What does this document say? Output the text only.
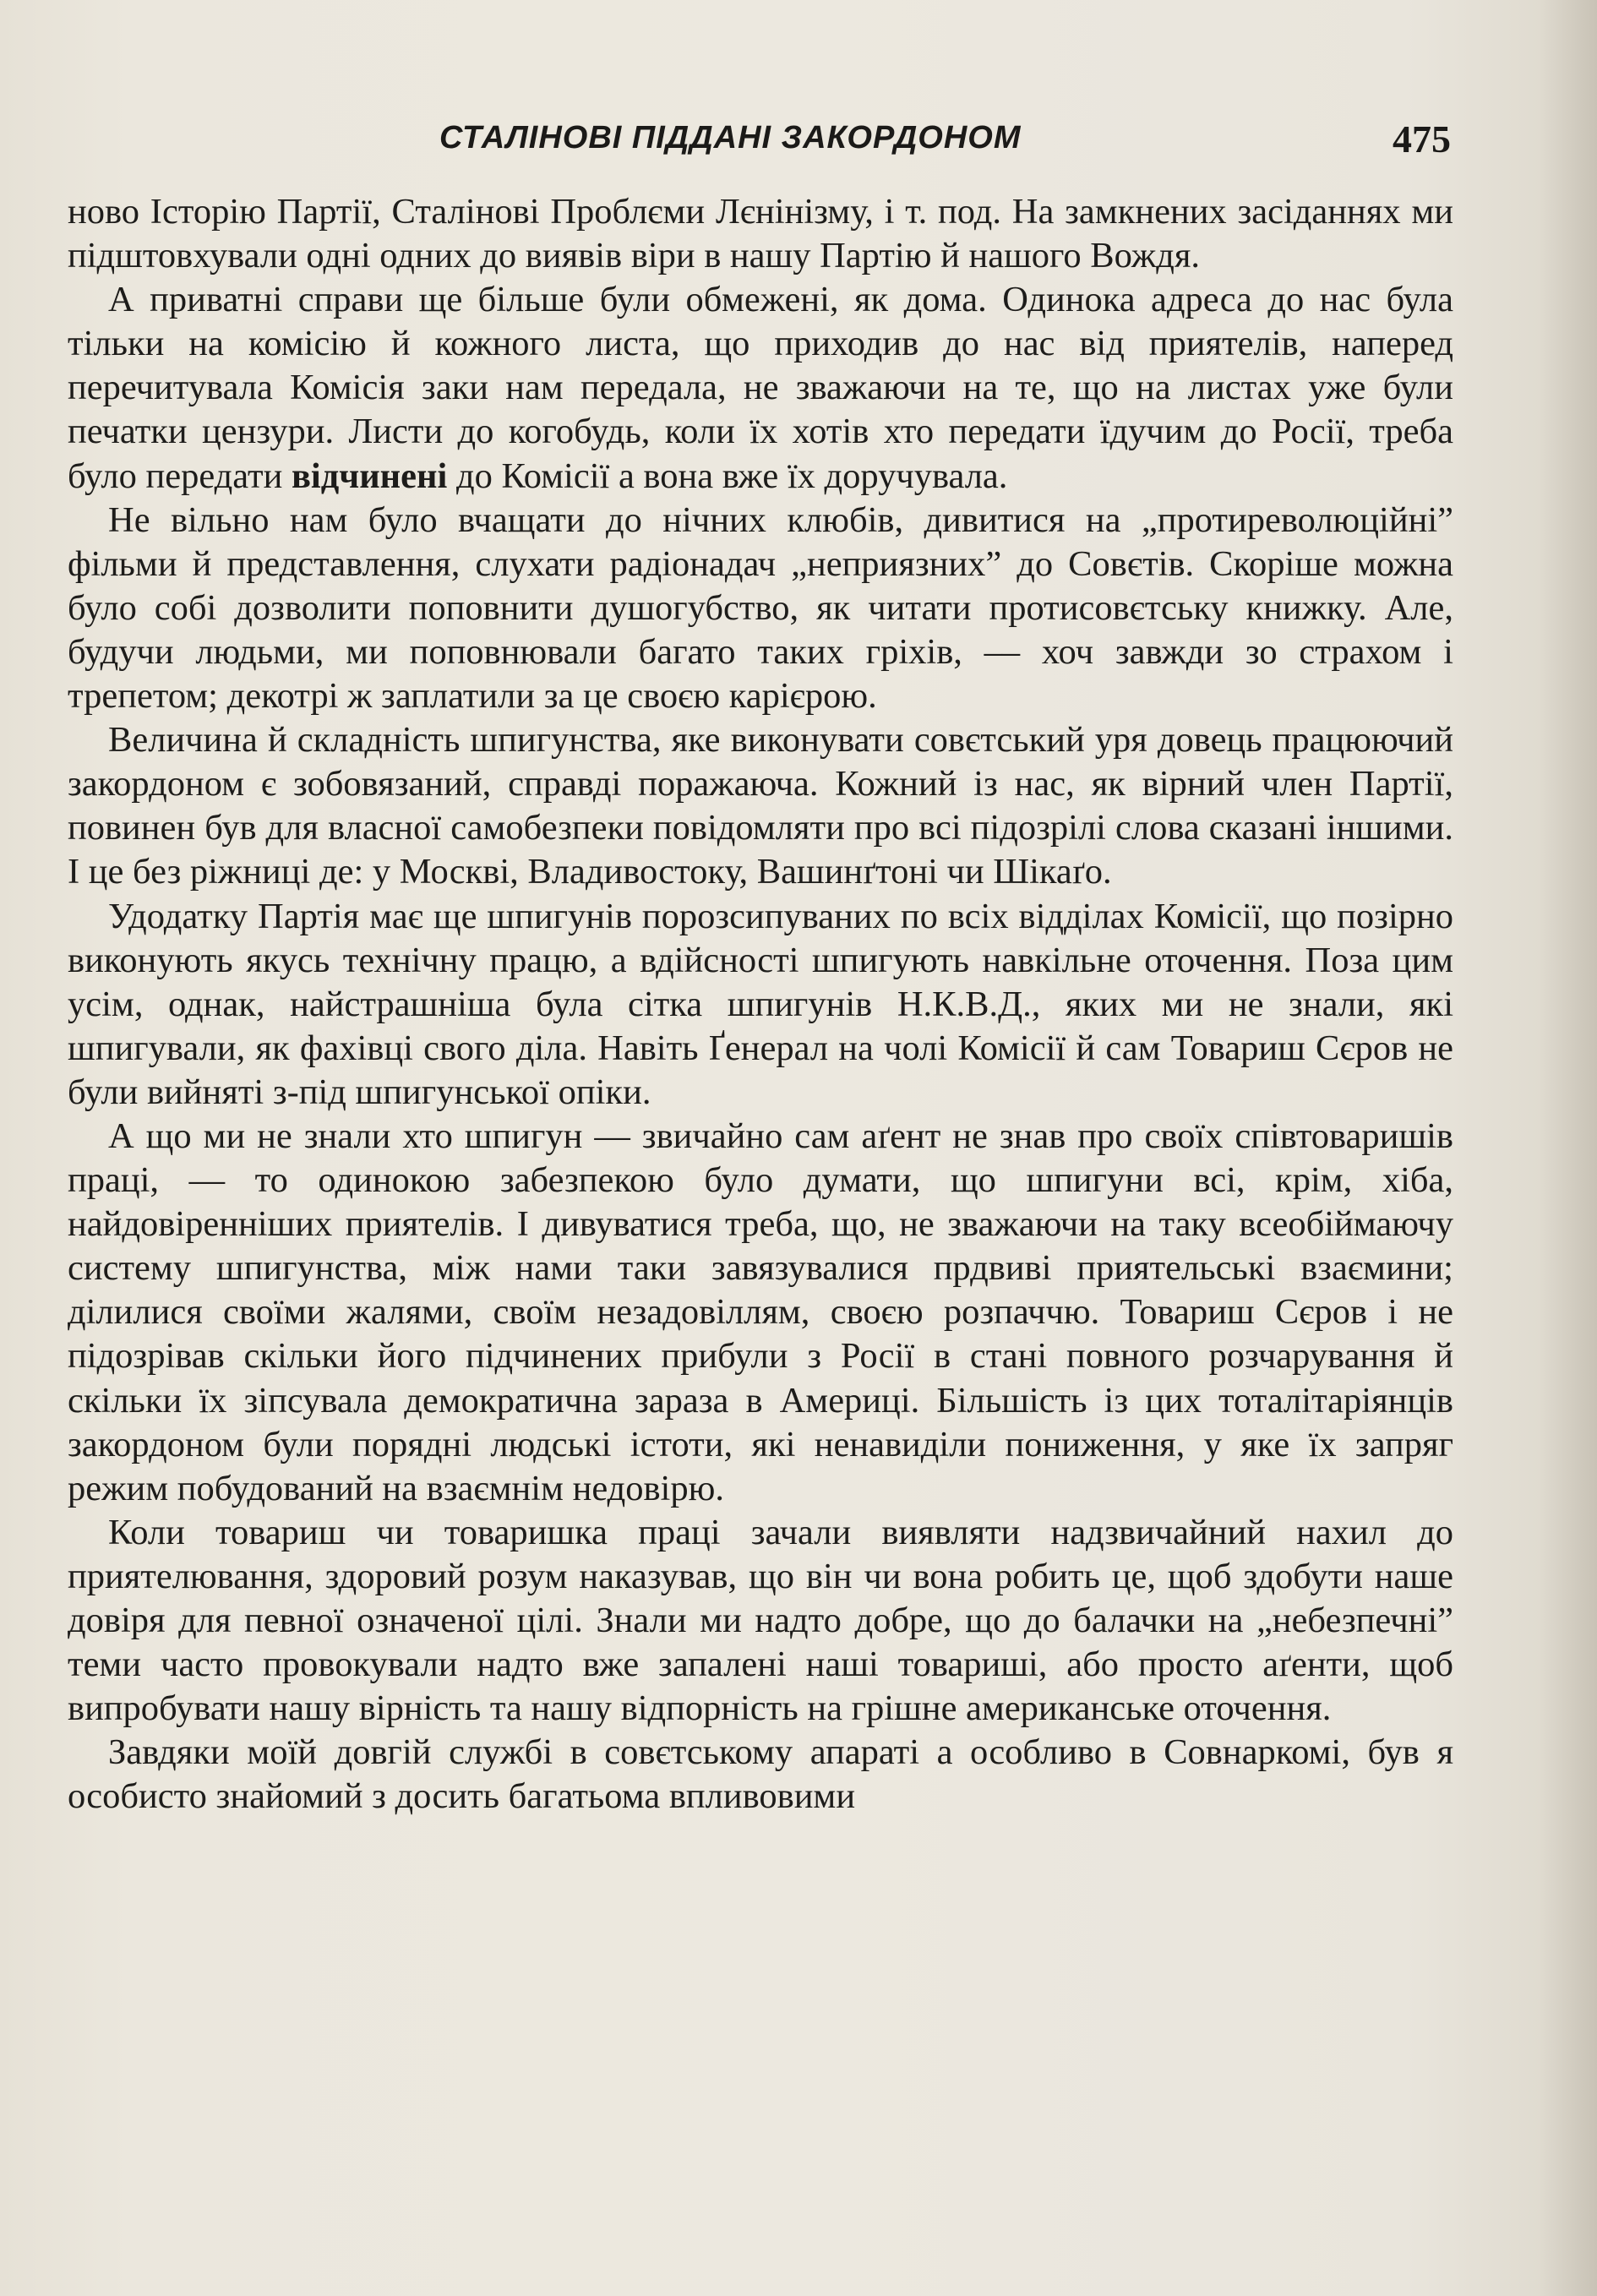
СТАЛІНОВІ ПІДДАНІ ЗАКОРДОНОМ	475

ново Історію Партії, Сталінові Проблєми Лєнінізму, і т. под. На замкнених засіданнях ми підштовхували одні одних до виявів віри в нашу Партію й нашого Вождя.

А приватні справи ще більше були обмежені, як дома. Одинока адреса до нас була тільки на комісію й кожного листа, що приходив до нас від приятелів, наперед перечитувала Комісія заки нам передала, не зважаючи на те, що на листах уже були печатки цензури. Листи до когобудь, коли їх хотів хто передати їдучим до Росії, треба було передати відчинені до Комісії а вона вже їх доручувала.

Не вільно нам було вчащати до нічних клюбів, дивитися на „протиреволюційні” фільми й представлення, слухати радіонадач „неприязних” до Совєтів. Скоріше можна було собі дозволити поповнити душогубство, як читати протисовєтську книжку. Але, будучи людьми, ми поповнювали багато таких гріхів, –– хоч завжди зо страхом і трепетом; декотрі ж заплатили за це своєю карієрою.

Величина й складність шпигунства, яке виконувати совєтський уря довець працюючий закордоном є зобовязаний, справді поражаюча. Кожний із нас, як вірний член Партії, повинен був для власної самобезпеки повідомляти про всі підозрілі слова сказані іншими. І це без ріжниці де: у Москві, Владивостоку, Вашинґтоні чи Шікаґо.

Удодатку Партія має ще шпигунів порозсипуваних по всіх відділах Комісії, що позірно виконують якусь технічну працю, а вдійсності шпигують навкільне оточення. Поза цим усім, однак, найстрашніша була сітка шпигунів Н.К.В.Д., яких ми не знали, які шпигували, як фахівці свого діла. Навіть Ґенерал на чолі Комісії й сам Товариш Сєров не були вийняті з-під шпигунської опіки.

А що ми не знали хто шпигун — звичайно сам аґент не знав про своїх співтоваришів праці, — то одинокою забезпекою було думати, що шпигуни всі, крім, хіба, найдовіренніших приятелів. І дивуватися треба, що, не зважаючи на таку всеобіймаючу систему шпигунства, між нами таки завязувалися прдвиві приятельські взаємини; ділилися своїми жалями, своїм незадовіллям, своєю розпаччю. Товариш Сєров і не підозрівав скільки його підчинених прибули з Росії в стані повного розчарування й скільки їх зіпсувала демократична зараза в Америці. Більшість із цих тоталітаріянців закордоном були порядні людські істоти, які ненавиділи пониження, у яке їх запряг режим побудований на взаємнім недовірю.

Коли товариш чи товаришка праці зачали виявляти надзвичайний нахил до приятелювання, здоровий розум наказував, що він чи вона робить це, щоб здобути наше довіря для певної означеної цілі. Знали ми надто добре, що до балачки на „небезпечні” теми часто провокували надто вже запалені наші товариші, або просто аґенти, щоб випробувати нашу вірність та нашу відпорність на грішне американське оточення.

Завдяки моїй довгій службі в совєтському апараті а особливо в Совнаркомі, був я особисто знайомий з досить багатьома впливовими
